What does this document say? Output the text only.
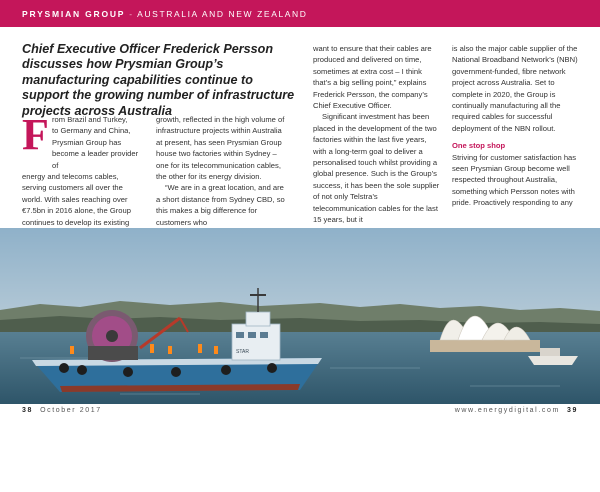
PRYSMIAN GROUP - AUSTRALIA AND NEW ZEALAND
Chief Executive Officer Frederick Persson discusses how Prysmian Group’s manufacturing capabilities continue to support the growing number of infrastructure projects across Australia
F rom Brazil and Turkey,
to Germany and China,
Prysmian Group has
become a leader provider of

energy and telecoms cables, serving customers all over the world. With sales reaching over €7.5bn in 2016 alone, the Group continues to develop its existing

growth, reflected in the high volume of infrastructure projects within Australia at present, has seen Prysmian Group house two factories within Sydney – one for its telecommunication cables, the other for its energy division.

“We are in a great location, and are a short distance from Sydney CBD, so this makes a big difference for customers who

want to ensure that their cables are produced and delivered on time, sometimes at extra cost – I think that’s a big selling point,” explains Frederick Persson, the company’s Chief Executive Officer.

Significant investment has been placed in the development of the two factories within the last five years, with a long-term goal to deliver a personalised touch whilst providing a global presence. Such is the Group’s success, it has been the sole supplier of not only Telstra’s telecommunication cables for the last 15 years, but it

is also the major cable supplier of the National Broadband Network’s (NBN) government-funded, fibre network project across Australia. Set to complete in 2020, the Group is continually manufacturing all the required cables for successful deployment of the NBN rollout.

One stop shop

Striving for customer satisfaction has seen Prysmian Group become well respected throughout Australia, something which Persson notes with pride. Proactively responding to any

STAR
1st underwater optical fibre cable laid in Sydney Harbour 2015
38 October 2017	www.energydigital.com 39
